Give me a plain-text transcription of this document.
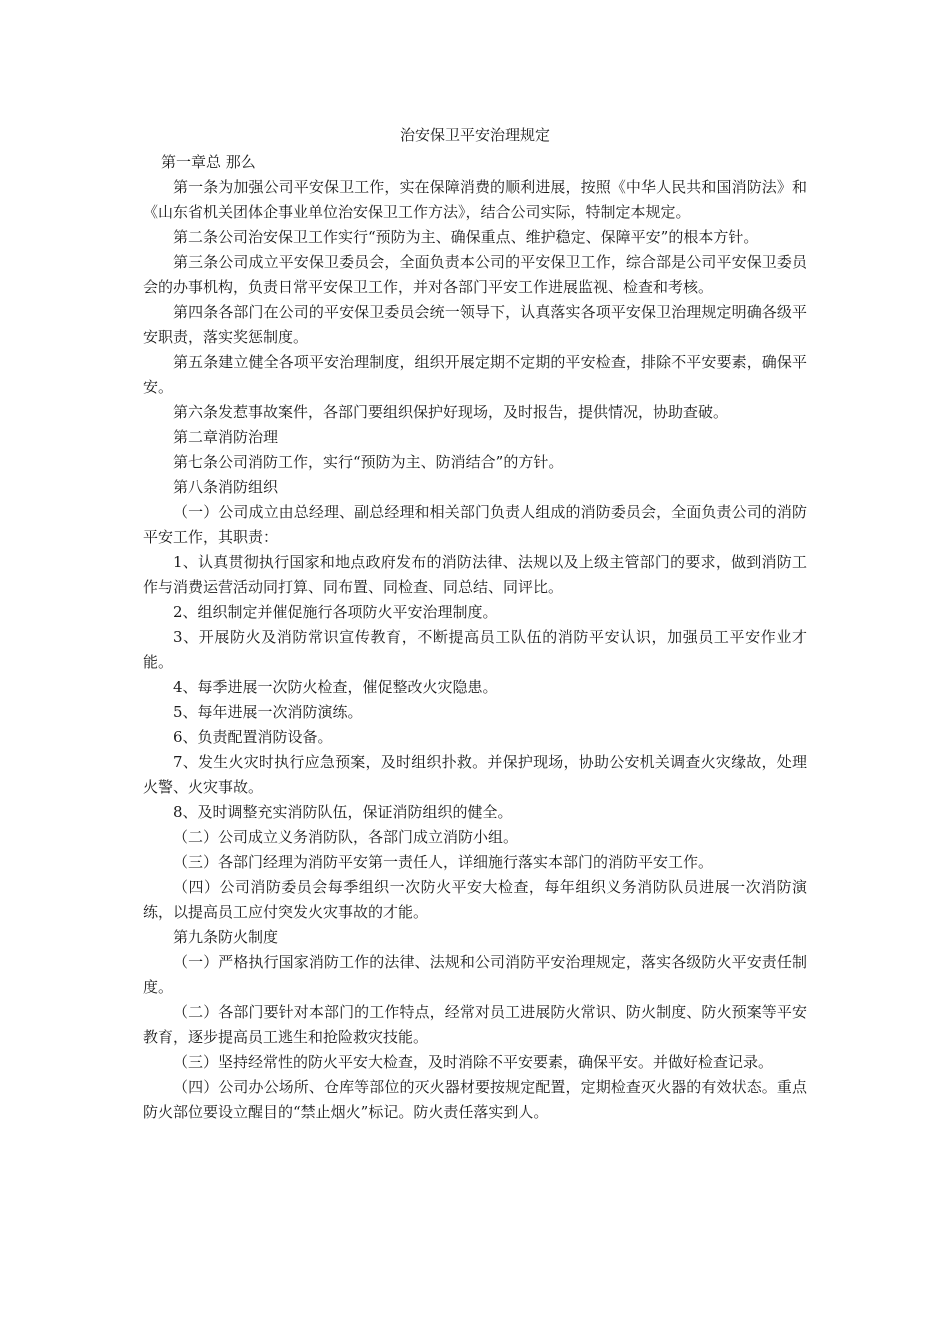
治安保卫平安治理规定

第一章总 那么

第一条为加强公司平安保卫工作，实在保障消费的顺利进展，按照《中华人民共和国消防法》和《山东省机关团体企事业单位治安保卫工作方法》，结合公司实际，特制定本规定。

第二条公司治安保卫工作实行“预防为主、确保重点、维护稳定、保障平安”的根本方针。

第三条公司成立平安保卫委员会，全面负责本公司的平安保卫工作，综合部是公司平安保卫委员会的办事机构，负责日常平安保卫工作，并对各部门平安工作进展监视、检查和考核。

第四条各部门在公司的平安保卫委员会统一领导下，认真落实各项平安保卫治理规定明确各级平安职责，落实奖惩制度。

第五条建立健全各项平安治理制度，组织开展定期不定期的平安检查，排除不平安要素，确保平安。

第六条发惹事故案件，各部门要组织保护好现场，及时报告，提供情况，协助查破。

第二章消防治理

第七条公司消防工作，实行“预防为主、防消结合”的方针。

第八条消防组织

（一）公司成立由总经理、副总经理和相关部门负责人组成的消防委员会，全面负责公司的消防平安工作，其职责：

1、认真贯彻执行国家和地点政府发布的消防法律、法规以及上级主管部门的要求，做到消防工作与消费运营活动同打算、同布置、同检查、同总结、同评比。

2、组织制定并催促施行各项防火平安治理制度。

3、开展防火及消防常识宣传教育，不断提高员工队伍的消防平安认识，加强员工平安作业才能。

4、每季进展一次防火检查，催促整改火灾隐患。

5、每年进展一次消防演练。

6、负责配置消防设备。

7、发生火灾时执行应急预案，及时组织扑救。并保护现场，协助公安机关调查火灾缘故，处理火警、火灾事故。

8、及时调整充实消防队伍，保证消防组织的健全。

（二）公司成立义务消防队，各部门成立消防小组。

（三）各部门经理为消防平安第一责任人，详细施行落实本部门的消防平安工作。

（四）公司消防委员会每季组织一次防火平安大检查，每年组织义务消防队员进展一次消防演练，以提高员工应付突发火灾事故的才能。

第九条防火制度

（一）严格执行国家消防工作的法律、法规和公司消防平安治理规定，落实各级防火平安责任制度。

（二）各部门要针对本部门的工作特点，经常对员工进展防火常识、防火制度、防火预案等平安教育，逐步提高员工逃生和抢险救灾技能。

（三）坚持经常性的防火平安大检查，及时消除不平安要素，确保平安。并做好检查记录。

（四）公司办公场所、仓库等部位的灭火器材要按规定配置，定期检查灭火器的有效状态。重点防火部位要设立醒目的“禁止烟火”标记。防火责任落实到人。
